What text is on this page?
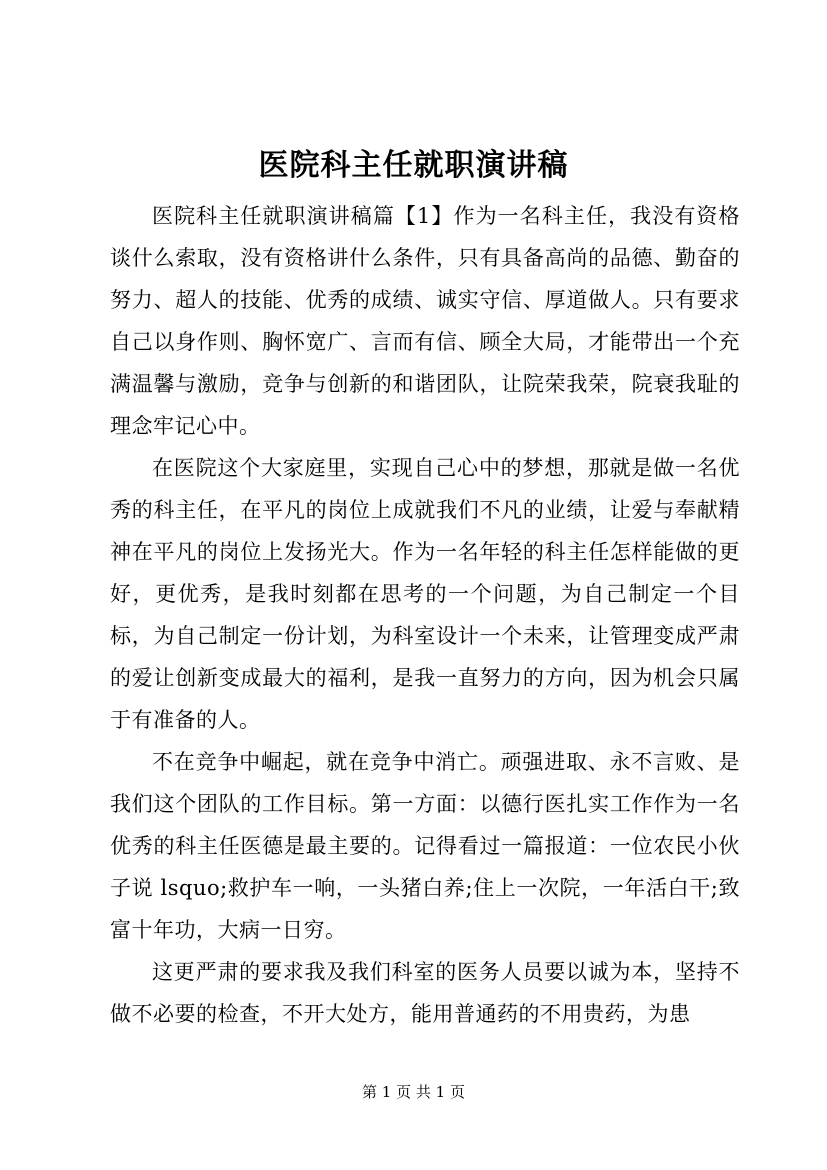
医院科主任就职演讲稿

医院科主任就职演讲稿篇【1】作为一名科主任，我没有资格谈什么索取，没有资格讲什么条件，只有具备高尚的品德、勤奋的努力、超人的技能、优秀的成绩、诚实守信、厚道做人。只有要求自己以身作则、胸怀宽广、言而有信、顾全大局，才能带出一个充满温馨与激励，竞争与创新的和谐团队，让院荣我荣，院衰我耻的理念牢记心中。

在医院这个大家庭里，实现自己心中的梦想，那就是做一名优秀的科主任，在平凡的岗位上成就我们不凡的业绩，让爱与奉献精神在平凡的岗位上发扬光大。作为一名年轻的科主任怎样能做的更好，更优秀，是我时刻都在思考的一个问题，为自己制定一个目标，为自己制定一份计划，为科室设计一个未来，让管理变成严肃的爱让创新变成最大的福利，是我一直努力的方向，因为机会只属于有准备的人。

不在竞争中崛起，就在竞争中消亡。顽强进取、永不言败、是我们这个团队的工作目标。第一方面：以德行医扎实工作作为一名优秀的科主任医德是最主要的。记得看过一篇报道：一位农民小伙子说 lsquo;救护车一响，一头猪白养;住上一次院，一年活白干;致富十年功，大病一日穷。

这更严肃的要求我及我们科室的医务人员要以诚为本，坚持不做不必要的检查，不开大处方，能用普通药的不用贵药，为患

第 1 页 共 1 页
